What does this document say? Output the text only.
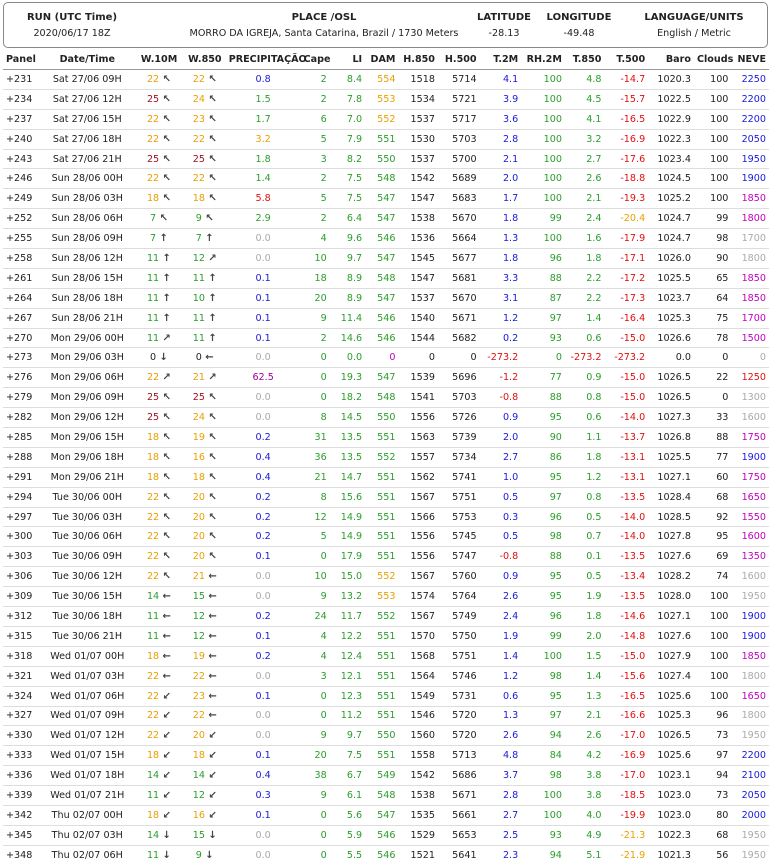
RUN (UTC Time)
2020/06/17 18Z
PLACE /OSL
MORRO DA IGREJA, Santa Catarina, Brazil / 1730 Meters
LATITUDE
-28.13
LONGITUDE
-49.48
LANGUAGE/UNITS
English / Metric
Panel	Date/Time	W.10M	W.850	PRECIPITAÇÃO	Cape	LI	DAM	H.850	H.500	T.2M	RH.2M	T.850	T.500	Baro	Clouds	NEVE
+231	Sat 27/06 09H	22 ↖	22 ↖	0.8	2	8.4	554	1518	5714	4.1	100	4.8	-14.7	1020.3	100	2250
+234	Sat 27/06 12H	25 ↖	24 ↖	1.5	2	7.8	553	1534	5721	3.9	100	4.5	-15.7	1022.5	100	2200
+237	Sat 27/06 15H	22 ↖	23 ↖	1.7	6	7.0	552	1537	5717	3.6	100	4.1	-16.5	1022.9	100	2200
+240	Sat 27/06 18H	22 ↖	22 ↖	3.2	5	7.9	551	1530	5703	2.8	100	3.2	-16.9	1022.3	100	2050
+243	Sat 27/06 21H	25 ↖	25 ↖	1.8	3	8.2	550	1537	5700	2.1	100	2.7	-17.6	1023.4	100	1950
+246	Sun 28/06 00H	22 ↖	22 ↖	1.4	2	7.5	548	1542	5689	2.0	100	2.6	-18.8	1024.5	100	1900
+249	Sun 28/06 03H	18 ↖	18 ↖	5.8	5	7.5	547	1547	5683	1.7	100	2.1	-19.3	1025.2	100	1850
+252	Sun 28/06 06H	7 ↖	9 ↖	2.9	2	6.4	547	1538	5670	1.8	99	2.4	-20.4	1024.7	99	1800
+255	Sun 28/06 09H	7 ↑	7 ↑	0.0	4	9.6	546	1536	5664	1.3	100	1.6	-17.9	1024.7	98	1700
+258	Sun 28/06 12H	11 ↑	12 ↗	0.0	10	9.7	547	1545	5677	1.8	96	1.8	-17.1	1026.0	90	1800
+261	Sun 28/06 15H	11 ↑	11 ↑	0.1	18	8.9	548	1547	5681	3.3	88	2.2	-17.2	1025.5	65	1850
+264	Sun 28/06 18H	11 ↑	10 ↑	0.1	20	8.9	547	1537	5670	3.1	87	2.2	-17.3	1023.7	64	1850
+267	Sun 28/06 21H	11 ↑	11 ↑	0.1	9	11.4	546	1540	5671	1.2	97	1.4	-16.4	1025.3	75	1700
+270	Mon 29/06 00H	11 ↗	11 ↑	0.1	2	14.6	546	1544	5682	0.2	93	0.6	-15.0	1026.6	78	1500
+273	Mon 29/06 03H	0 ↓	0 ←	0.0	0	0.0	0	0	0	-273.2	0	-273.2	-273.2	0.0	0	0
+276	Mon 29/06 06H	22 ↗	21 ↗	62.5	0	19.3	547	1539	5696	-1.2	77	0.9	-15.0	1026.5	22	1250
+279	Mon 29/06 09H	25 ↖	25 ↖	0.0	0	18.2	548	1541	5703	-0.8	88	0.8	-15.0	1026.5	0	1300
+282	Mon 29/06 12H	25 ↖	24 ↖	0.0	8	14.5	550	1556	5726	0.9	95	0.6	-14.0	1027.3	33	1600
+285	Mon 29/06 15H	18 ↖	19 ↖	0.2	31	13.5	551	1563	5739	2.0	90	1.1	-13.7	1026.8	88	1750
+288	Mon 29/06 18H	18 ↖	16 ↖	0.4	36	13.5	552	1557	5734	2.7	86	1.8	-13.1	1025.5	77	1900
+291	Mon 29/06 21H	18 ↖	18 ↖	0.4	21	14.7	551	1562	5741	1.0	95	1.2	-13.1	1027.1	60	1750
+294	Tue 30/06 00H	22 ↖	20 ↖	0.2	8	15.6	551	1567	5751	0.5	97	0.8	-13.5	1028.4	68	1650
+297	Tue 30/06 03H	22 ↖	20 ↖	0.2	12	14.9	551	1566	5753	0.3	96	0.5	-14.0	1028.5	92	1550
+300	Tue 30/06 06H	22 ↖	20 ↖	0.2	5	14.9	551	1556	5745	0.5	98	0.7	-14.0	1027.8	95	1600
+303	Tue 30/06 09H	22 ↖	20 ↖	0.1	0	17.9	551	1556	5747	-0.8	88	0.1	-13.5	1027.6	69	1350
+306	Tue 30/06 12H	22 ↖	21 ←	0.0	10	15.0	552	1567	5760	0.9	95	0.5	-13.4	1028.2	74	1600
+309	Tue 30/06 15H	14 ←	15 ←	0.0	9	13.2	553	1574	5764	2.6	95	1.9	-13.5	1028.0	100	1950
+312	Tue 30/06 18H	11 ←	12 ←	0.2	24	11.7	552	1567	5749	2.4	96	1.8	-14.6	1027.1	100	1900
+315	Tue 30/06 21H	11 ←	12 ←	0.1	4	12.2	551	1570	5750	1.9	99	2.0	-14.8	1027.6	100	1900
+318	Wed 01/07 00H	18 ←	19 ←	0.2	4	12.4	551	1568	5751	1.4	100	1.5	-15.0	1027.9	100	1850
+321	Wed 01/07 03H	22 ←	22 ←	0.0	3	12.1	551	1564	5746	1.2	98	1.4	-15.6	1027.4	100	1800
+324	Wed 01/07 06H	22 ↙	23 ←	0.1	0	12.3	551	1549	5731	0.6	95	1.3	-16.5	1025.6	100	1650
+327	Wed 01/07 09H	22 ↙	22 ←	0.0	0	11.2	551	1546	5720	1.3	97	2.1	-16.6	1025.3	96	1800
+330	Wed 01/07 12H	22 ↙	20 ↙	0.0	9	9.7	550	1560	5720	2.6	94	2.6	-17.0	1026.5	73	1950
+333	Wed 01/07 15H	18 ↙	18 ↙	0.1	20	7.5	551	1558	5713	4.8	84	4.2	-16.9	1025.6	97	2200
+336	Wed 01/07 18H	14 ↙	14 ↙	0.4	38	6.7	549	1542	5686	3.7	98	3.8	-17.0	1023.1	94	2100
+339	Wed 01/07 21H	11 ↙	12 ↙	0.3	9	6.1	548	1538	5671	2.8	100	3.8	-18.5	1023.0	73	2050
+342	Thu 02/07 00H	18 ↙	16 ↙	0.1	0	5.6	547	1535	5661	2.7	100	4.0	-19.9	1023.0	80	2000
+345	Thu 02/07 03H	14 ↓	15 ↓	0.0	0	5.9	546	1529	5653	2.5	93	4.9	-21.3	1022.3	68	1950
+348	Thu 02/07 06H	11 ↓	9 ↓	0.0	0	5.5	546	1521	5641	2.3	94	5.1	-21.9	1021.3	56	1950
